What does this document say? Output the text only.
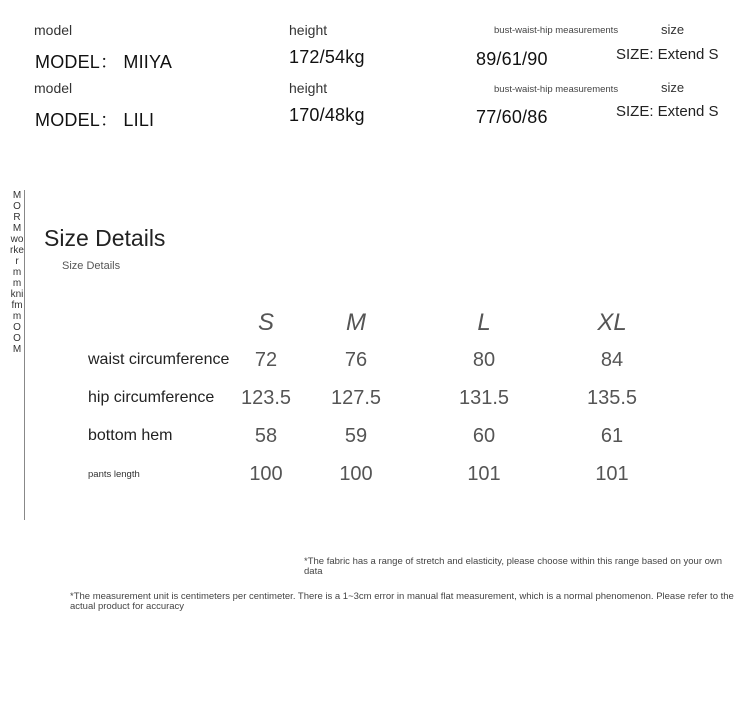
model	height	bust-waist-hip measurements	size
MODEL： MIIYA	172/54kg	89/61/90	SIZE: Extend S
model	height	bust-waist-hip measurements	size
MODEL： LILI	170/48kg	77/60/86	SIZE: Extend S
MORM worker m m knifm mOOM
Size Details
Size Details
	S	M	L	XL
waist circumference	72	76	80	84
hip circumference	123.5	127.5	131.5	135.5
bottom hem	58	59	60	61
pants length	100	100	101	101
*The fabric has a range of stretch and elasticity, please choose within this range based on your own data
*The measurement unit is centimeters per centimeter. There is a 1~3cm error in manual flat measurement, which is a normal phenomenon. Please refer to the actual product for accuracy
